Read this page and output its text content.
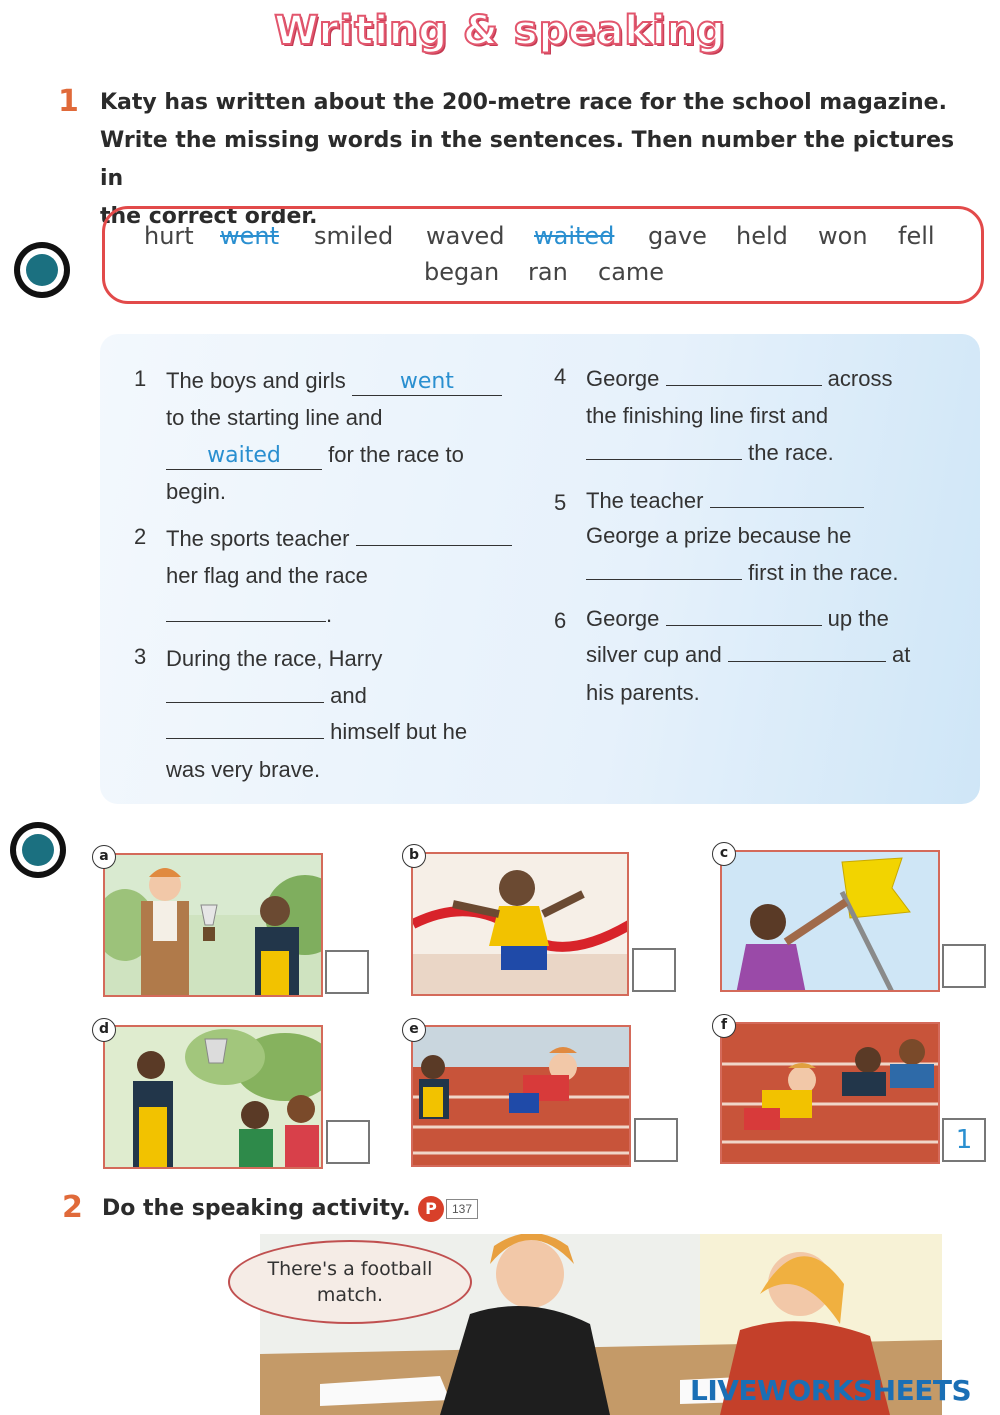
Writing & speaking
1 Katy has written about the 200-metre race for the school magazine.
Write the missing words in the sentences. Then number the pictures in
the correct order.
hurt went smiled waved waited gave held won fell
began ran came
1 The boys and girls went
to the starting line and
waited for the race to
begin.
2 The sports teacher
her flag and the race
.
3 During the race, Harry
and
himself but he
was very brave.
4 George	across
the finishing line first and
the race.
5 The teacher
George a prize because he
first in the race.
6 George	up the
silver cup and	at
his parents.
a	b	c
d	e	f
1
2 Do the speaking activity. P	137
There's a football
match.
LIVEWORKSHEETS
